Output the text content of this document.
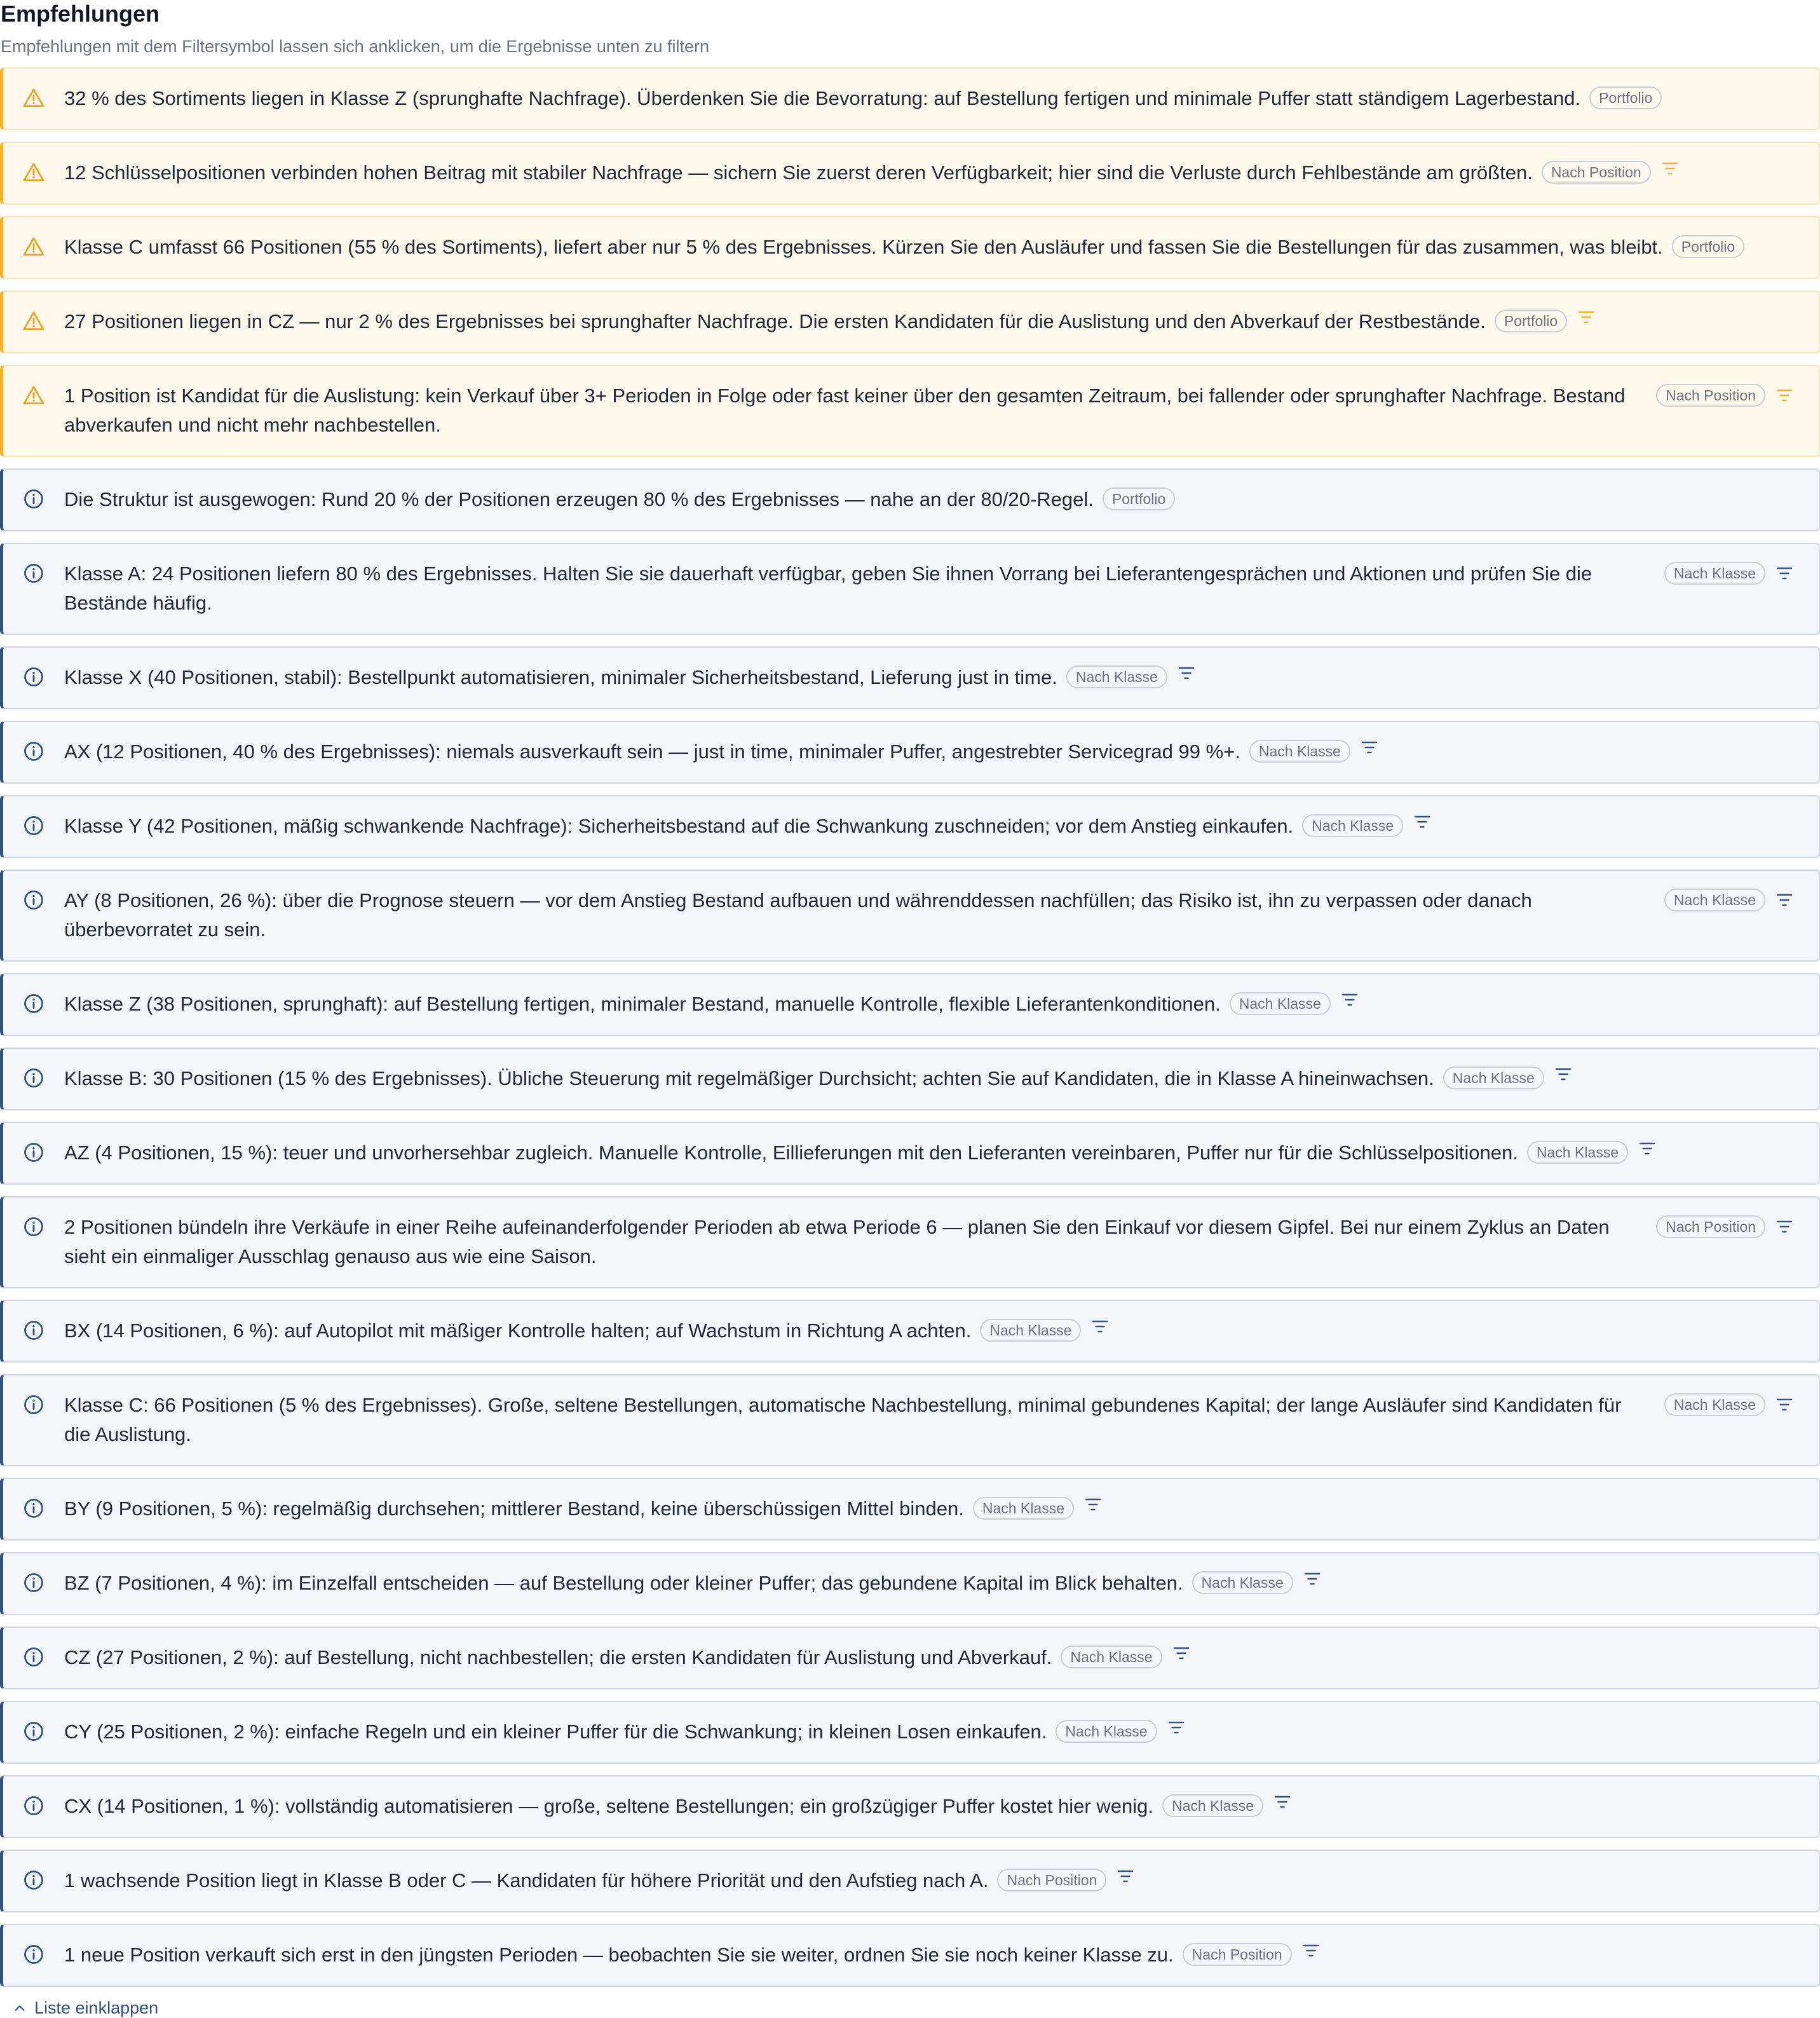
Empfehlungen
Empfehlungen mit dem Filtersymbol lassen sich anklicken, um die Ergebnisse unten zu filtern
32 % des Sortiments liegen in Klasse Z (sprunghafte Nachfrage). Überdenken Sie die Bevorratung: auf Bestellung fertigen und minimale Puffer statt ständigem Lagerbestand. Portfolio
12 Schlüsselpositionen verbinden hohen Beitrag mit stabiler Nachfrage — sichern Sie zuerst deren Verfügbarkeit; hier sind die Verluste durch Fehlbestände am größten. Nach Position
Klasse C umfasst 66 Positionen (55 % des Sortiments), liefert aber nur 5 % des Ergebnisses. Kürzen Sie den Ausläufer und fassen Sie die Bestellungen für das zusammen, was bleibt. Portfolio
27 Positionen liegen in CZ — nur 2 % des Ergebnisses bei sprunghafter Nachfrage. Die ersten Kandidaten für die Auslistung und den Abverkauf der Restbestände. Portfolio
1 Position ist Kandidat für die Auslistung: kein Verkauf über 3+ Perioden in Folge oder fast keiner über den gesamten Zeitraum, bei fallender oder sprunghafter Nachfrage. Bestand abverkaufen und nicht mehr nachbestellen.
Nach Position
Die Struktur ist ausgewogen: Rund 20 % der Positionen erzeugen 80 % des Ergebnisses — nahe an der 80/20-Regel. Portfolio
Klasse A: 24 Positionen liefern 80 % des Ergebnisses. Halten Sie sie dauerhaft verfügbar, geben Sie ihnen Vorrang bei Lieferantengesprächen und Aktionen und prüfen Sie die Bestände häufig.
Nach Klasse
Klasse X (40 Positionen, stabil): Bestellpunkt automatisieren, minimaler Sicherheitsbestand, Lieferung just in time. Nach Klasse
AX (12 Positionen, 40 % des Ergebnisses): niemals ausverkauft sein — just in time, minimaler Puffer, angestrebter Servicegrad 99 %+. Nach Klasse
Klasse Y (42 Positionen, mäßig schwankende Nachfrage): Sicherheitsbestand auf die Schwankung zuschneiden; vor dem Anstieg einkaufen. Nach Klasse
AY (8 Positionen, 26 %): über die Prognose steuern — vor dem Anstieg Bestand aufbauen und währenddessen nachfüllen; das Risiko ist, ihn zu verpassen oder danach überbevorratet zu sein.
Nach Klasse
Klasse Z (38 Positionen, sprunghaft): auf Bestellung fertigen, minimaler Bestand, manuelle Kontrolle, flexible Lieferantenkonditionen. Nach Klasse
Klasse B: 30 Positionen (15 % des Ergebnisses). Übliche Steuerung mit regelmäßiger Durchsicht; achten Sie auf Kandidaten, die in Klasse A hineinwachsen. Nach Klasse
AZ (4 Positionen, 15 %): teuer und unvorhersehbar zugleich. Manuelle Kontrolle, Eillieferungen mit den Lieferanten vereinbaren, Puffer nur für die Schlüsselpositionen. Nach Klasse
2 Positionen bündeln ihre Verkäufe in einer Reihe aufeinanderfolgender Perioden ab etwa Periode 6 — planen Sie den Einkauf vor diesem Gipfel. Bei nur einem Zyklus an Daten sieht ein einmaliger Ausschlag genauso aus wie eine Saison.
Nach Position
BX (14 Positionen, 6 %): auf Autopilot mit mäßiger Kontrolle halten; auf Wachstum in Richtung A achten. Nach Klasse
Klasse C: 66 Positionen (5 % des Ergebnisses). Große, seltene Bestellungen, automatische Nachbestellung, minimal gebundenes Kapital; der lange Ausläufer sind Kandidaten für die Auslistung.
Nach Klasse
BY (9 Positionen, 5 %): regelmäßig durchsehen; mittlerer Bestand, keine überschüssigen Mittel binden. Nach Klasse
BZ (7 Positionen, 4 %): im Einzelfall entscheiden — auf Bestellung oder kleiner Puffer; das gebundene Kapital im Blick behalten. Nach Klasse
CZ (27 Positionen, 2 %): auf Bestellung, nicht nachbestellen; die ersten Kandidaten für Auslistung und Abverkauf. Nach Klasse
CY (25 Positionen, 2 %): einfache Regeln und ein kleiner Puffer für die Schwankung; in kleinen Losen einkaufen. Nach Klasse
CX (14 Positionen, 1 %): vollständig automatisieren — große, seltene Bestellungen; ein großzügiger Puffer kostet hier wenig. Nach Klasse
1 wachsende Position liegt in Klasse B oder C — Kandidaten für höhere Priorität und den Aufstieg nach A. Nach Position
1 neue Position verkauft sich erst in den jüngsten Perioden — beobachten Sie sie weiter, ordnen Sie sie noch keiner Klasse zu. Nach Position
Liste einklappen
